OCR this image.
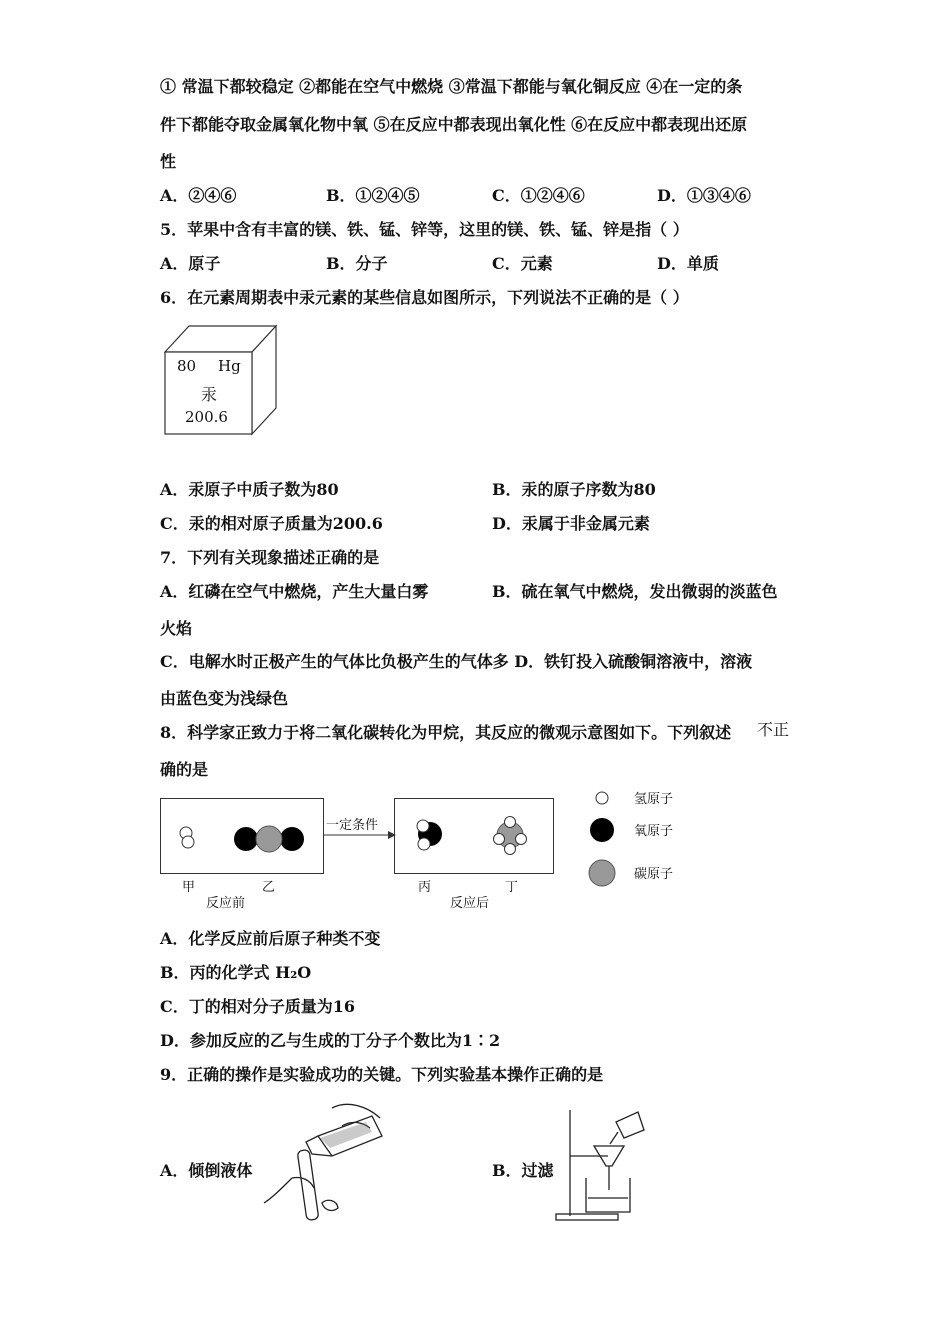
① 常温下都较稳定 ②都能在空气中燃烧 ③常温下都能与氧化铜反应 ④在一定的条
件下都能夺取金属氧化物中氧 ⑤在反应中都表现出氧化性 ⑥在反应中都表现出还原
性
A．②④⑥	B．①②④⑤	C．①②④⑥	D．①③④⑥
5．苹果中含有丰富的镁、铁、锰、锌等，这里的镁、铁、锰、锌是指（ ）
A．原子	B．分子	C．元素	D．单质
6．在元素周期表中汞元素的某些信息如图所示，下列说法不正确的是（ ）
80 Hg
汞
200.6
A．汞原子中质子数为80	B．汞的原子序数为80
C．汞的相对原子质量为200.6	D．汞属于非金属元素
7．下列有关现象描述正确的是
A．红磷在空气中燃烧，产生大量白雾	B．硫在氧气中燃烧，发出微弱的淡蓝色
火焰
C．电解水时正极产生的气体比负极产生的气体多 D．铁钉投入硫酸铜溶液中，溶液
由蓝色变为浅绿色
8．科学家正致力于将二氧化碳转化为甲烷，其反应的微观示意图如下。下列叙述 不正
确的是
一定条件
甲	乙	丙	丁
反应前	反应后
氢原子
氧原子
碳原子
A．化学反应前后原子种类不变
B．丙的化学式 H₂O
C．丁的相对分子质量为16
D．参加反应的乙与生成的丁分子个数比为1∶2
9．正确的操作是实验成功的关键。下列实验基本操作正确的是
A．倾倒液体	B．过滤
